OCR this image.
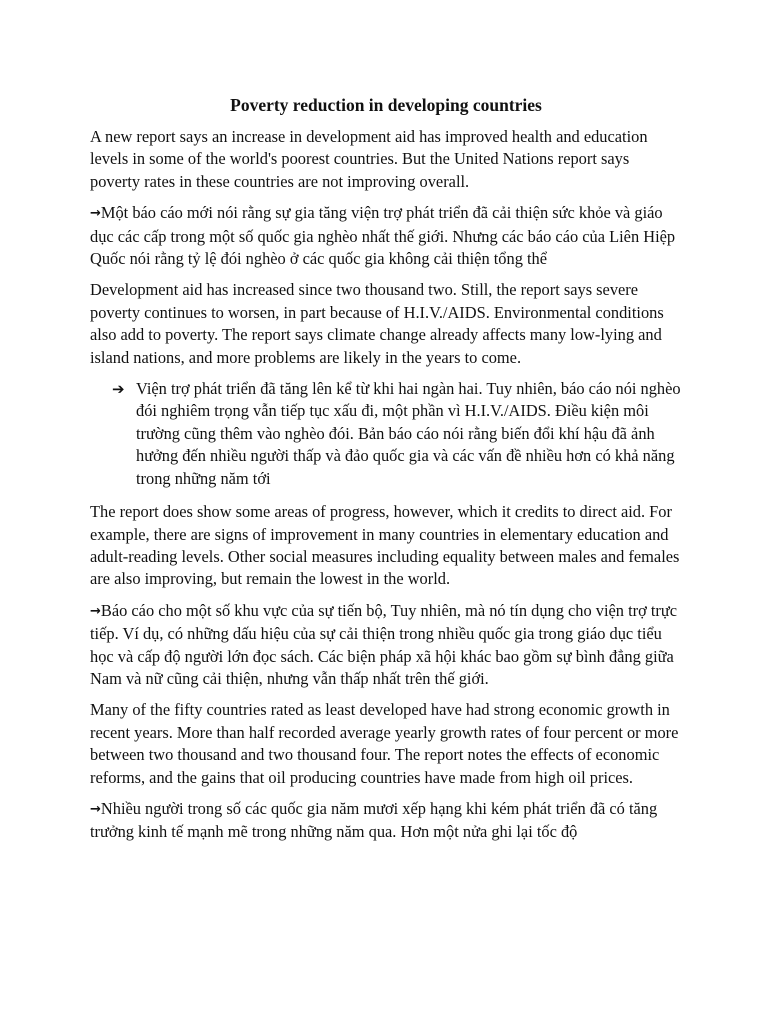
Poverty reduction in developing countries

A new report says an increase in development aid has improved health and education levels in some of the world's poorest countries. But the United Nations report says poverty rates in these countries are not improving overall.

→Một báo cáo mới nói rằng sự gia tăng viện trợ phát triển đã cải thiện sức khỏe và giáo dục các cấp trong một số quốc gia nghèo nhất thế giới. Nhưng các báo cáo của Liên Hiệp Quốc nói rằng tỷ lệ đói nghèo ở các quốc gia không cải thiện tổng thể

Development aid has increased since two thousand two. Still, the report says severe poverty continues to worsen, in part because of H.I.V./AIDS. Environmental conditions also add to poverty. The report says climate change already affects many low-lying and island nations, and more problems are likely in the years to come.

➔ Viện trợ phát triển đã tăng lên kể từ khi hai ngàn hai. Tuy nhiên, báo cáo nói nghèo đói nghiêm trọng vẫn tiếp tục xấu đi, một phần vì H.I.V./AIDS. Điều kiện môi trường cũng thêm vào nghèo đói. Bản báo cáo nói rằng biến đổi khí hậu đã ảnh hưởng đến nhiều người thấp và đảo quốc gia và các vấn đề nhiều hơn có khả năng trong những năm tới

The report does show some areas of progress, however, which it credits to direct aid. For example, there are signs of improvement in many countries in elementary education and adult-reading levels. Other social measures including equality between males and females are also improving, but remain the lowest in the world.

→Báo cáo cho một số khu vực của sự tiến bộ, Tuy nhiên, mà nó tín dụng cho viện trợ trực tiếp. Ví dụ, có những dấu hiệu của sự cải thiện trong nhiều quốc gia trong giáo dục tiểu học và cấp độ người lớn đọc sách. Các biện pháp xã hội khác bao gồm sự bình đẳng giữa Nam và nữ cũng cải thiện, nhưng vẫn thấp nhất trên thế giới.

Many of the fifty countries rated as least developed have had strong economic growth in recent years. More than half recorded average yearly growth rates of four percent or more between two thousand and two thousand four. The report notes the effects of economic reforms, and the gains that oil producing countries have made from high oil prices.

→Nhiều người trong số các quốc gia năm mươi xếp hạng khi kém phát triển đã có tăng trưởng kinh tế mạnh mẽ trong những năm qua. Hơn một nửa ghi lại tốc độ
